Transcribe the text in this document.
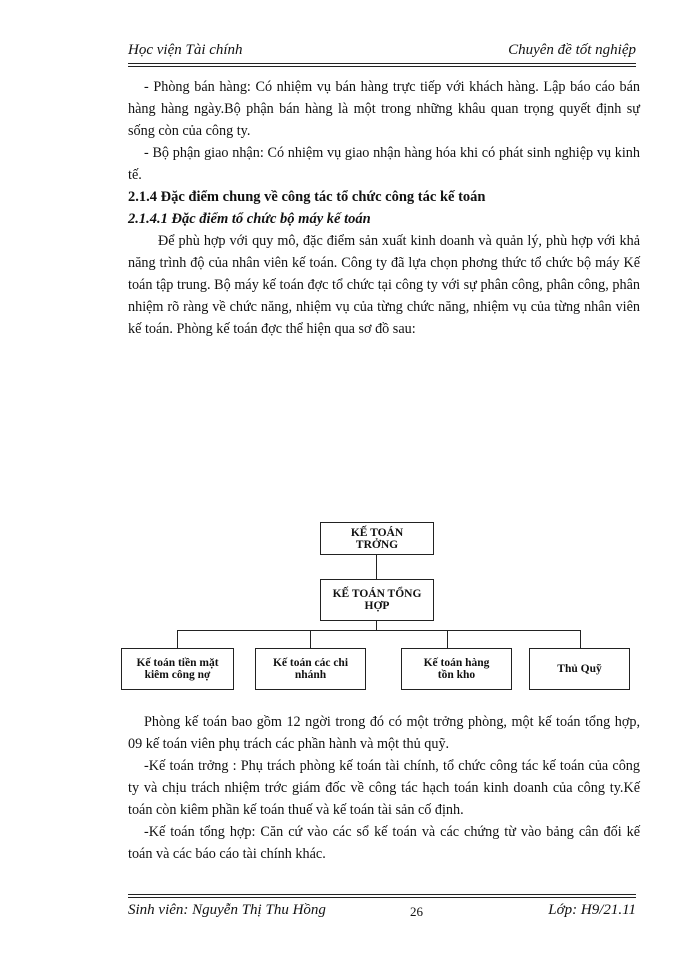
Học viện Tài chính	Chuyên đề tốt nghiệp

- Phòng bán hàng: Có nhiệm vụ bán hàng trực tiếp với khách hàng. Lập báo cáo bán hàng hàng ngày.Bộ phận bán hàng là một trong những khâu quan trọng quyết định sự sống còn của công ty.

- Bộ phận giao nhận: Có nhiệm vụ giao nhận hàng hóa khi có phát sinh nghiệp vụ kinh tế.

2.1.4 Đặc điểm chung về công tác tổ chức công tác kế toán

2.1.4.1 Đặc điểm tổ chức bộ máy kế toán

Để phù hợp với quy mô, đặc điểm sản xuất kinh doanh và quản lý, phù hợp với khả năng trình độ của nhân viên kế toán. Công ty đã lựa chọn phơng thức tổ chức bộ máy Kế toán tập trung. Bộ máy kế toán đợc tổ chức tại công ty với sự phân công, phân công, phân nhiệm rõ ràng về chức năng, nhiệm vụ của từng chức năng, nhiệm vụ của từng nhân viên kế toán. Phòng kế toán đợc thể hiện qua sơ đồ sau:

KẾ TOÁN
TRỞNG
KẾ TOÁN TỔNG
HỢP
Kế toán tiền mặt
kiêm công nợ
Kế toán các chi
nhánh
Kế toán hàng
tồn kho	Thủ Quỹ

Phòng kế toán bao gồm 12 ngời trong đó có một trởng phòng, một kế toán tổng hợp, 09 kế toán viên phụ trách các phần hành và một thủ quỹ.

-Kế toán trởng : Phụ trách phòng kế toán tài chính, tổ chức công tác kế toán của công ty và chịu trách nhiệm trớc giám đốc về công tác hạch toán kinh doanh của công ty.Kế toán còn kiêm phần kế toán thuế và kế toán tài sản cố định.

-Kế toán tổng hợp: Căn cứ vào các sổ kế toán và các chứng từ vào bảng cân đối kế toán và các báo cáo tài chính khác.

Sinh viên: Nguyễn Thị Thu Hồng	26	Lớp: H9/21.11
